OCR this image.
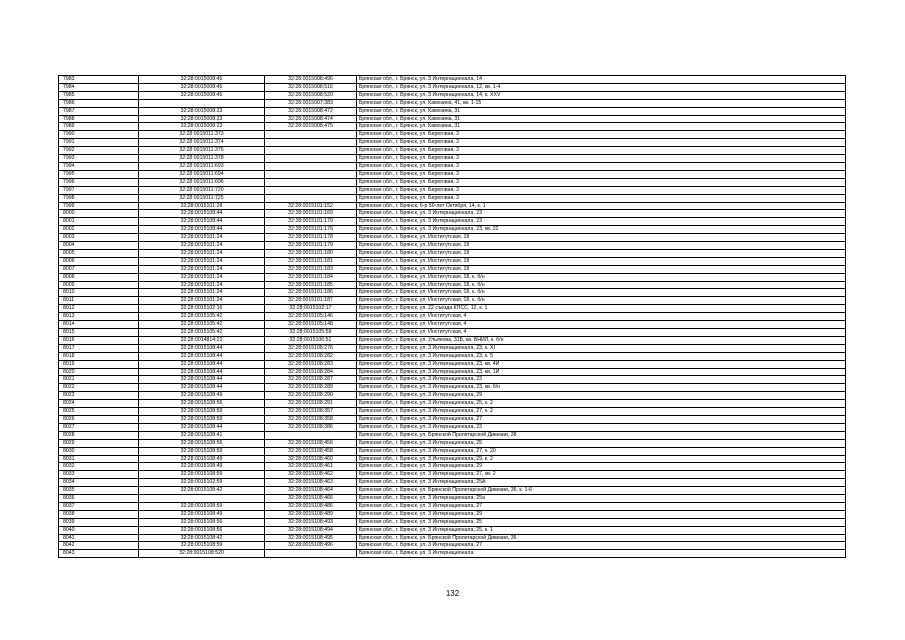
7983	32:28:0015008:45	32:28:0015008:496	Брянская обл., г. Брянск, ул. 3 Интернационала, 14
7984	32:28:0015008:45	32:28:0015008:516	Брянская обл., г. Брянск, ул. 3 Интернационала, 12, кв. 1-4
7985	32:28:0015008:45	32:28:0015008:520	Брянская обл., г. Брянск, ул. 3 Интернационала, 14, к. XXV
7986		32:28:0015007:383	Брянская обл., г. Брянск, ул. Камозина, 41, кв. 1-15
7987	32:28:0015008:23	32:28:0015008:472	Брянская обл., г. Брянск, ул. Камозина, 31
7988	32:28:0015008:23	32:28:0015008:474	Брянская обл., г. Брянск, ул. Камозина, 31
7989	32:28:0015008:23	32:28:0015008:475	Брянская обл., г. Брянск, ул. Камозина, 31
7990	32:28:0015011:373		Брянская обл., г. Брянск, ул. Береговая, 3
7991	32:28:0015011:374		Брянская обл., г. Брянск, ул. Береговая, 3
7992	32:28:0015011:376		Брянская обл., г. Брянск, ул. Береговая, 3
7993	32:28:0015011:378		Брянская обл., г. Брянск, ул. Береговая, 3
7994	32:28:0015011:693		Брянская обл., г. Брянск, ул. Береговая, 3
7995	32:28:0015011:694		Брянская обл., г. Брянск, ул. Береговая, 3
7996	32:28:0015011:696		Брянская обл., г. Брянск, ул. Береговая, 3
7997	32:28:0015011:720		Брянская обл., г. Брянск, ул. Береговая, 3
7998	32:28:0015011:725		Брянская обл., г. Брянск, ул. Береговая, 3
7999	32:28:0015101:28	32:28:0015101:152	Брянская обл., г. Брянск, б-р 50-лет Октября, 14, к. 1
8000	32:28:0015108:44	32:28:0015101:169	Брянская обл., г. Брянск, ул. 3 Интернационала, 23
8001	32:28:0015108:44	32:28:0015101:170	Брянская обл., г. Брянск, ул. 3 Интернационала, 23
8002	32:28:0015108:44	32:28:0015101:176	Брянская обл., г. Брянск, ул. 3 Интернационала, 23, кв. 22
8003	32:28:0015101:24	32:28:0015101:178	Брянская обл., г. Брянск, ул. Институтская, 18
8004	32:28:0015101:24	32:28:0015101:179	Брянская обл., г. Брянск, ул. Институтская, 18
8005	32:28:0015101:24	32:28:0015101:180	Брянская обл., г. Брянск, ул. Институтская, 18
8006	32:28:0015101:24	32:28:0015101:181	Брянская обл., г. Брянск, ул. Институтская, 18
8007	32:28:0015101:24	32:28:0015101:183	Брянская обл., г. Брянск, ул. Институтская, 18
8008	32:28:0015101:24	32:28:0015101:184	Брянская обл., г. Брянск, ул. Институтская, 18, к. б/н
8009	32:28:0015101:24	32:28:0015101:185	Брянская обл., г. Брянск, ул. Институтская, 18, к. б/н
8010	32:28:0015101:24	32:28:0015101:186	Брянская обл., г. Брянск, ул. Институтская, 18, к. б/н
8011	32:28:0015101:24	32:28:0015101:187	Брянская обл., г. Брянск, ул. Институтская, 18, к. б/н
8012	32:28:0015102:16	32:28:0015102:17	Брянская обл., г. Брянск, ул. 22 съезда КПСС, 12, к. 1
8013	32:28:0015105:42	32:28:0015105:146	Брянская обл., г. Брянск, ул. Институтская, 4
8014	32:28:0015105:42	32:28:0015105:148	Брянская обл., г. Брянск, ул. Институтская, 4
8015	32:28:0015105:42	32:28:0015105:59	Брянская обл., г. Брянск, ул. Институтская, 4
8016	32:28:0014814:21	32:28:0015106:51	Брянская обл., г. Брянск, ул. Ульянова, 31Б, кв. БНИЛ, к. б/н
8017	32:28:0015108:44	32:28:0015108:276	Брянская обл., г. Брянск, ул. 3 Интернационала, 23, к. XI
8018	32:28:0015108:44	32:28:0015108:282	Брянская обл., г. Брянск, ул. 3 Интернационала, 23, к. 5
8019	32:28:0015108:44	32:28:0015108:283	Брянская обл., г. Брянск, ул. 3 Интернационала, 23, кв. 4И
8020	32:28:0015108:44	32:28:0015108:284	Брянская обл., г. Брянск, ул. 3 Интернационала, 23, кв. 1И
8021	32:28:0015108:44	32:28:0015108:287	Брянская обл., г. Брянск, ул. 3 Интернационала, 23
8022	32:28:0015108:44	32:28:0015108:289	Брянская обл., г. Брянск, ул. 3 Интернационала, 23, кв. б/н
8023	32:28:0015108:49	32:28:0015108:290	Брянская обл., г. Брянск, ул. 3 Интернационала, 29
8024	32:28:0015108:56	32:28:0015108:291	Брянская обл., г. Брянск, ул. 3 Интернационала, 25, к. 2
8025	32:28:0015108:59	32:28:0015108:357	Брянская обл., г. Брянск, ул. 3 Интернационала, 27, к. 2
8026	32:28:0015108:59	32:28:0015108:358	Брянская обл., г. Брянск, ул. 3 Интернационала, 27
8027	32:28:0015108:44	32:28:0015108:386	Брянская обл., г. Брянск, ул. 3 Интернационала, 23
8028	32:28:0015108:41		Брянская обл., г. Брянск, ул. Брянской Пролетарской Дивизии, 38
8029	32:28:0015108:56	32:28:0015108:456	Брянская обл., г. Брянск, ул. 3 Интернационала, 25
8030	32:28:0015108:59	32:28:0015108:458	Брянская обл., г. Брянск, ул. 3 Интернационала, 27, к. 20
8031	32:28:0015108:49	32:28:0015108:460	Брянская обл., г. Брянск, ул. 3 Интернационала, 29, к. 2
8032	32:28:0015108:49	32:28:0015108:461	Брянская обл., г. Брянск, ул. 3 Интернационала, 29
8033	32:28:0015108:59	32:28:0015108:462	Брянская обл., г. Брянск, ул. 3 Интернационала, 27, кв. 2
8034	32:28:0015102:59	32:28:0015108:463	Брянская обл., г. Брянск, ул. 3 Интернационала, 25А
8035	32:28:0015108:42	32:28:0015108:464	Брянская обл., г. Брянск, ул. Брянской Пролетарской Дивизии, 36, к. 1-6
8036		32:28:0015108:466	Брянская обл., г. Брянск, ул. 3 Интернационала, 25а
8037	32:28:0015108:59	32:28:0015108:486	Брянская обл., г. Брянск, ул. 3 Интернационала, 27
8038	32:28:0015108:49	32:28:0015108:489	Брянская обл., г. Брянск, ул. 3 Интернационала, 29
8039	32:28:0015108:56	32:28:0015108:493	Брянская обл., г. Брянск, ул. 3 Интернационала, 25
8040	32:28:0015108:56	32:28:0015108:494	Брянская обл., г. Брянск, ул. 3 Интернационала, 25, к. 1
8041	32:28:0015108:42	32:28:0015108:495	Брянская обл., г. Брянск, ул. Брянской Пролетарской Дивизии, 36
8042	32:28:0015108:59	32:28:0015108:496	Брянская обл., г. Брянск, ул. 3 Интернационала, 27
8043	32:28:0015108:520		Брянская обл., г. Брянск, ул. 3 Интернационала
132
